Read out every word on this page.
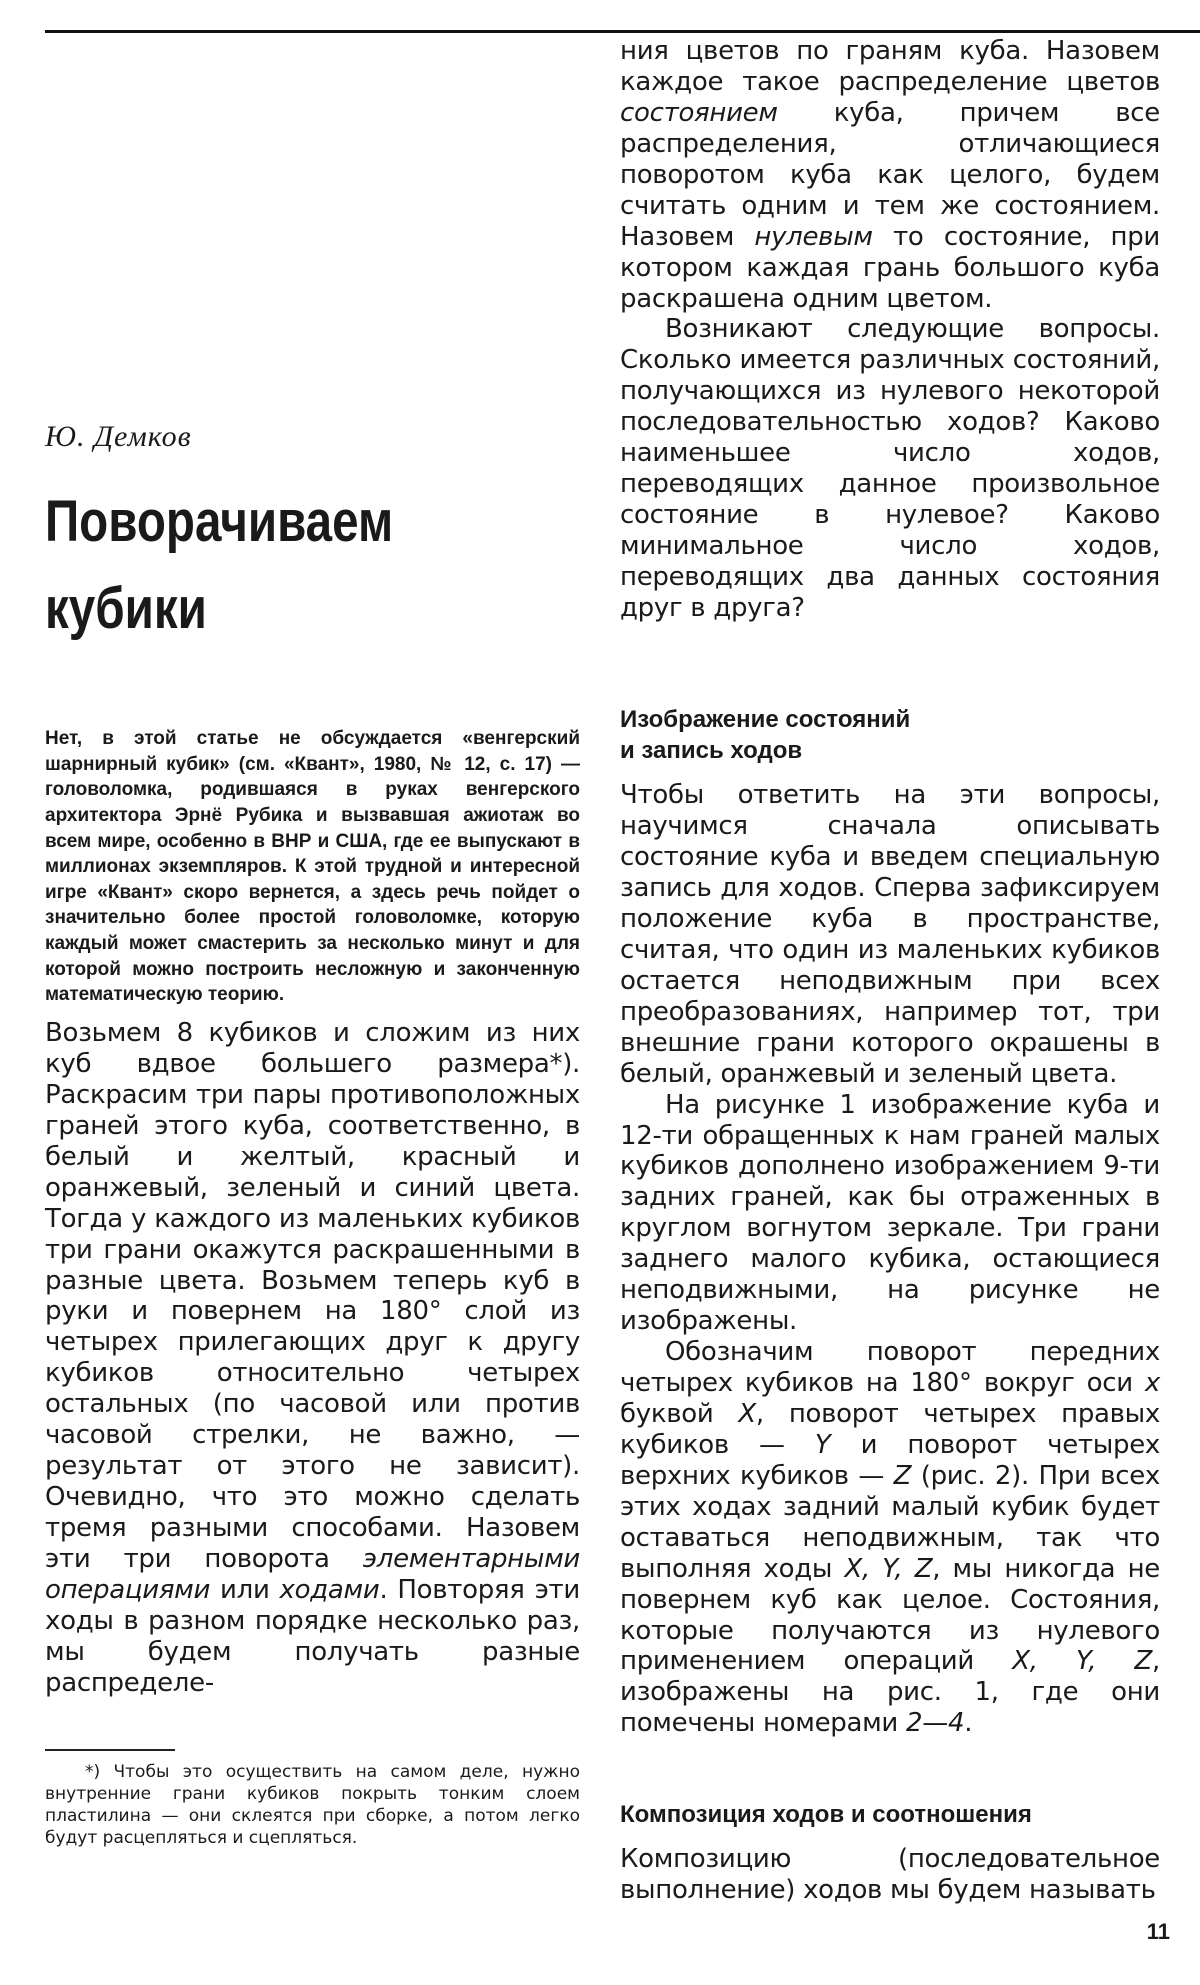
Ю. Демков
Поворачиваем
кубики

Нет, в этой статье не обсуждается «венгерский шарнирный кубик» (см. «Квант», 1980, № 12, с. 17) — головоломка, родившаяся в руках венгерского архитектора Эрнё Рубика и вызвавшая ажиотаж во всем мире, особенно в ВНР и США, где ее выпускают в миллионах экземпляров. К этой трудной и интересной игре «Квант» скоро вернется, а здесь речь пойдет о значительно более простой головоломке, которую каждый может смастерить за несколько минут и для которой можно построить несложную и законченную математическую теорию.

Возьмем 8 кубиков и сложим из них куб вдвое большего размера*). Раскрасим три пары противоположных граней этого куба, соответственно, в белый и желтый, красный и оранжевый, зеленый и синий цвета. Тогда у каждого из маленьких кубиков три грани окажутся раскрашенными в разные цвета. Возьмем теперь куб в руки и повернем на 180° слой из четырех прилегающих друг к другу кубиков относительно четырех остальных (по часовой или против часовой стрелки, не важно, — результат от этого не зависит). Очевидно, что это можно сделать тремя разными способами. Назовем эти три поворота элементарными операциями или ходами. Повторяя эти ходы в разном порядке несколько раз, мы будем получать разные распределе-

*) Чтобы это осуществить на самом деле, нужно внутренние грани кубиков покрыть тонким слоем пластилина — они склеятся при сборке, а потом легко будут расцепляться и сцепляться.

ния цветов по граням куба. Назовем каждое такое распределение цветов состоянием куба, причем все распределения, отличающиеся поворотом куба как целого, будем считать одним и тем же состоянием. Назовем нулевым то состояние, при котором каждая грань большого куба раскрашена одним цветом.

Возникают следующие вопросы. Сколько имеется различных состояний, получающихся из нулевого некоторой последовательностью ходов? Каково наименьшее число ходов, переводящих данное произвольное состояние в нулевое? Каково минимальное число ходов, переводящих два данных состояния друг в друга?

Изображение состояний
и запись ходов

Чтобы ответить на эти вопросы, научимся сначала описывать состояние куба и введем специальную запись для ходов. Сперва зафиксируем положение куба в пространстве, считая, что один из маленьких кубиков остается неподвижным при всех преобразованиях, например тот, три внешние грани которого окрашены в белый, оранжевый и зеленый цвета.

На рисунке 1 изображение куба и 12-ти обращенных к нам граней малых кубиков дополнено изображением 9-ти задних граней, как бы отраженных в круглом вогнутом зеркале. Три грани заднего малого кубика, остающиеся неподвижными, на рисунке не изображены.

Обозначим поворот передних четырех кубиков на 180° вокруг оси x буквой X, поворот четырех правых кубиков — Y и поворот четырех верхних кубиков — Z (рис. 2). При всех этих ходах задний малый кубик будет оставаться неподвижным, так что выполняя ходы X, Y, Z, мы никогда не повернем куб как целое. Состояния, которые получаются из нулевого применением операций X, Y, Z, изображены на рис. 1, где они помечены номерами 2—4.

Композиция ходов и соотношения

Композицию (последовательное выполнение) ходов мы будем называть

11
